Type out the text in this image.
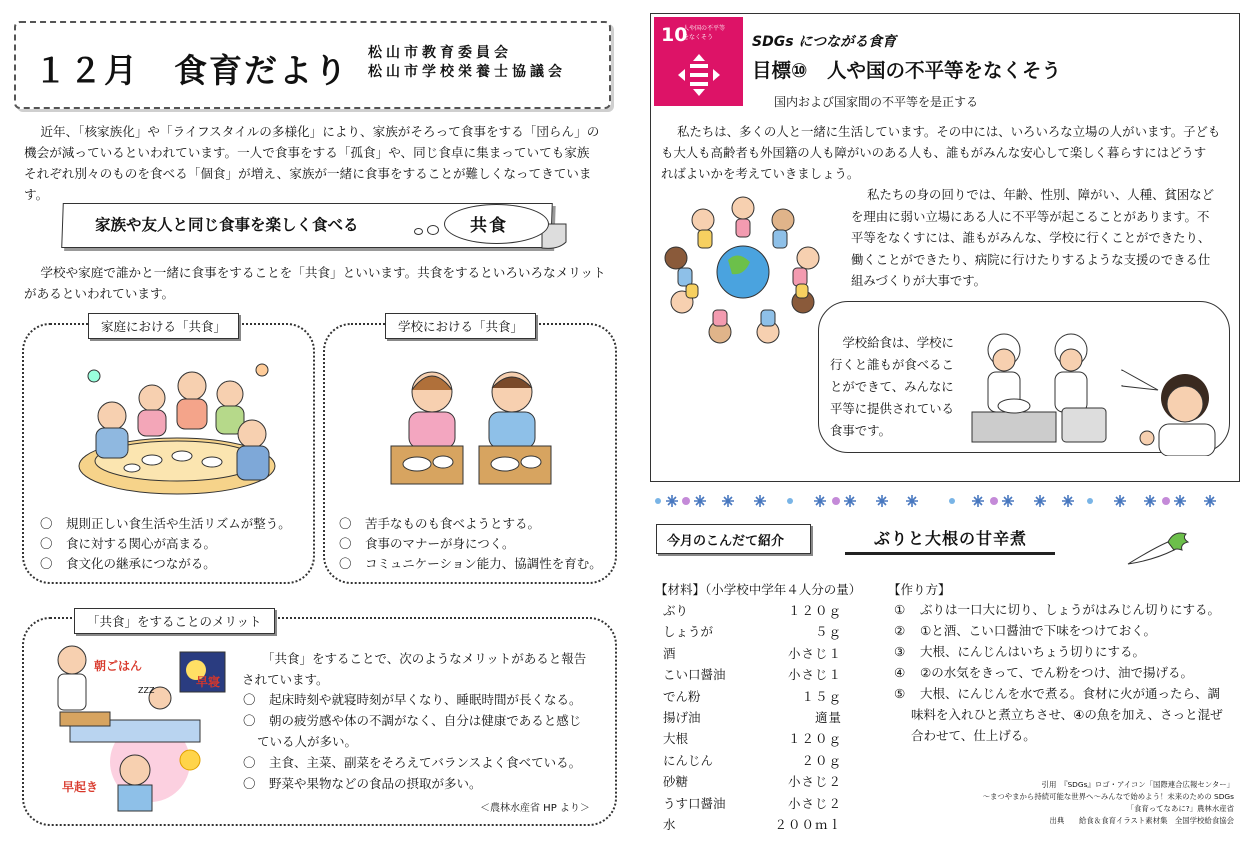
１２月　食育だより 松山市教育委員会
松山市学校栄養士協議会
近年、「核家族化」や「ライフスタイルの多様化」により、家族がそろって食事をする「団らん」の
機会が減っているといわれています。一人で食事をする「孤食」や、同じ食卓に集まっていても家族
それぞれ別々のものを食べる「個食」が増え、家族が一緒に食事をすることが難しくなってきていま
す。
家族や友人と同じ食事を楽しく食べる	共食
学校や家庭で誰かと一緒に食事をすることを「共食」といいます。共食をするといろいろなメリット
があるといわれています。
家庭における「共食」
〇 規則正しい食生活や生活リズムが整う。
〇 食に対する関心が高まる。
〇 食文化の継承につながる。
学校における「共食」
〇 苦手なものも食べようとする。
〇 食事のマナーが身につく。
〇 コミュニケーション能力、協調性を育む。
「共食」をすることのメリット
朝ごはん
早寝
ZZZ
早起き
「共食」をすることで、次のようなメリットがあると報告
されています。
〇 起床時刻や就寝時刻が早くなり、睡眠時間が長くなる。
〇 朝の疲労感や体の不調がなく、自分は健康であると感じ
ている人が多い。
〇 主食、主菜、副菜をそろえてバランスよく食べている。
〇 野菜や果物などの食品の摂取が多い。
＜農林水産省 HP より＞
10
人や国の不平等
をなくそう	SDGs につながる食育
目標⑩　人や国の不平等をなくそう
国内および国家間の不平等を是正する
私たちは、多くの人と一緒に生活しています。その中には、いろいろな立場の人がいます。子ども
も大人も高齢者も外国籍の人も障がいのある人も、誰もがみんな安心して楽しく暮らすにはどうす
ればよいかを考えていきましょう。
私たちの身の回りでは、年齢、性別、障がい、人種、貧困など
を理由に弱い立場にある人に不平等が起こることがあります。不
平等をなくすには、誰もがみんな、学校に行くことができたり、
働くことができたり、病院に行けたりするような支援のできる仕
組みづくりが大事です。
学校給食は、学校に
行くと誰もが食べるこ
とができて、みんなに
平等に提供されている
食事です。
今月のこんだて紹介	ぶりと大根の甘辛煮
【材料】（小学校中学年４人分の量）
ぶり	１２０ｇ
しょうが	５ｇ
酒	小さじ１
こい口醤油	小さじ１
でん粉	１５ｇ
揚げ油	適量
大根	１２０ｇ
にんじん	２０ｇ
砂糖	小さじ２
うす口醤油	小さじ２
水	２００ｍｌ
【作り方】
① ぶりは一口大に切り、しょうがはみじん切りにする。
② ①と酒、こい口醤油で下味をつけておく。
③ 大根、にんじんはいちょう切りにする。
④ ②の水気をきって、でん粉をつけ、油で揚げる。
⑤ 大根、にんじんを水で煮る。食材に火が通ったら、調
味料を入れひと煮立ちさせ、④の魚を加え、さっと混ぜ
合わせて、仕上げる。
引用　『SDGs』ロゴ・アイコン「国際連合広報センター」
～まつやまから持続可能な世界へ～みんなで始めよう！未来のための SDGs
「食育ってなあに?」農林水産省
出典　　給食＆食育イラスト素材集　全国学校給食協会
